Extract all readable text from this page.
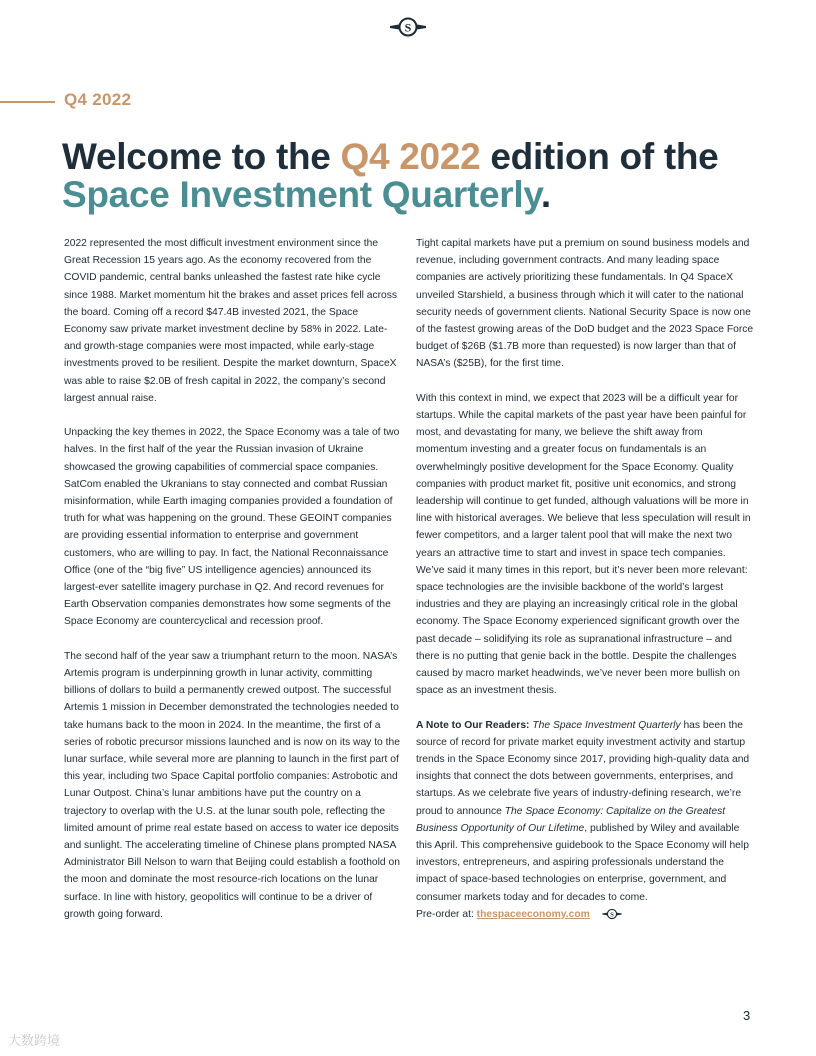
S
Q4 2022
Welcome to the Q4 2022 edition of the Space Investment Quarterly.

2022 represented the most difficult investment environment since the Great Recession 15 years ago. As the economy recovered from the COVID pandemic, central banks unleashed the fastest rate hike cycle since 1988. Market momentum hit the brakes and asset prices fell across the board. Coming off a record $47.4B invested 2021, the Space Economy saw private market investment decline by 58% in 2022. Late- and growth-stage companies were most impacted, while early-stage investments proved to be resilient. Despite the market downturn, SpaceX was able to raise $2.0B of fresh capital in 2022, the company’s second largest annual raise.

Unpacking the key themes in 2022, the Space Economy was a tale of two halves. In the first half of the year the Russian invasion of Ukraine showcased the growing capabilities of commercial space companies. SatCom enabled the Ukranians to stay connected and combat Russian misinformation, while Earth imaging companies provided a foundation of truth for what was happening on the ground. These GEOINT companies are providing essential information to enterprise and government customers, who are willing to pay. In fact, the National Reconnaissance Office (one of the “big five” US intelligence agencies) announced its largest-ever satellite imagery purchase in Q2. And record revenues for Earth Observation companies demonstrates how some segments of the Space Economy are countercyclical and recession proof.

The second half of the year saw a triumphant return to the moon. NASA’s Artemis program is underpinning growth in lunar activity, committing billions of dollars to build a permanently crewed outpost. The successful Artemis 1 mission in December demonstrated the technologies needed to take humans back to the moon in 2024. In the meantime, the first of a series of robotic precursor missions launched and is now on its way to the lunar surface, while several more are planning to launch in the first part of this year, including two Space Capital portfolio companies: Astrobotic and Lunar Outpost. China’s lunar ambitions have put the country on a trajectory to overlap with the U.S. at the lunar south pole, reflecting the limited amount of prime real estate based on access to water ice deposits and sunlight. The accelerating timeline of Chinese plans prompted NASA Administrator Bill Nelson to warn that Beijing could establish a foothold on the moon and dominate the most resource-rich locations on the lunar surface. In line with history, geopolitics will continue to be a driver of growth going forward.

Tight capital markets have put a premium on sound business models and revenue, including government contracts. And many leading space companies are actively prioritizing these fundamentals. In Q4 SpaceX unveiled Starshield, a business through which it will cater to the national security needs of government clients. National Security Space is now one of the fastest growing areas of the DoD budget and the 2023 Space Force budget of $26B ($1.7B more than requested) is now larger than that of NASA’s ($25B), for the first time.

With this context in mind, we expect that 2023 will be a difficult year for startups. While the capital markets of the past year have been painful for most, and devastating for many, we believe the shift away from momentum investing and a greater focus on fundamentals is an overwhelmingly positive development for the Space Economy. Quality companies with product market fit, positive unit economics, and strong leadership will continue to get funded, although valuations will be more in line with historical averages. We believe that less speculation will result in fewer competitors, and a larger talent pool that will make the next two years an attractive time to start and invest in space tech companies. We’ve said it many times in this report, but it’s never been more relevant: space technologies are the invisible backbone of the world’s largest industries and they are playing an increasingly critical role in the global economy. The Space Economy experienced significant growth over the past decade – solidifying its role as supranational infrastructure – and there is no putting that genie back in the bottle. Despite the challenges caused by macro market headwinds, we’ve never been more bullish on space as an investment thesis.

A Note to Our Readers: The Space Investment Quarterly has been the source of record for private market equity investment activity and startup trends in the Space Economy since 2017, providing high-quality data and insights that connect the dots between governments, enterprises, and startups. As we celebrate five years of industry-defining research, we’re proud to announce The Space Economy: Capitalize on the Greatest Business Opportunity of Our Lifetime, published by Wiley and available this April. This comprehensive guidebook to the Space Economy will help investors, entrepreneurs, and aspiring professionals understand the impact of space-based technologies on enterprise, government, and consumer markets today and for decades to come.

Pre-order at: thespaceeconomy.com S
3
大数跨境
